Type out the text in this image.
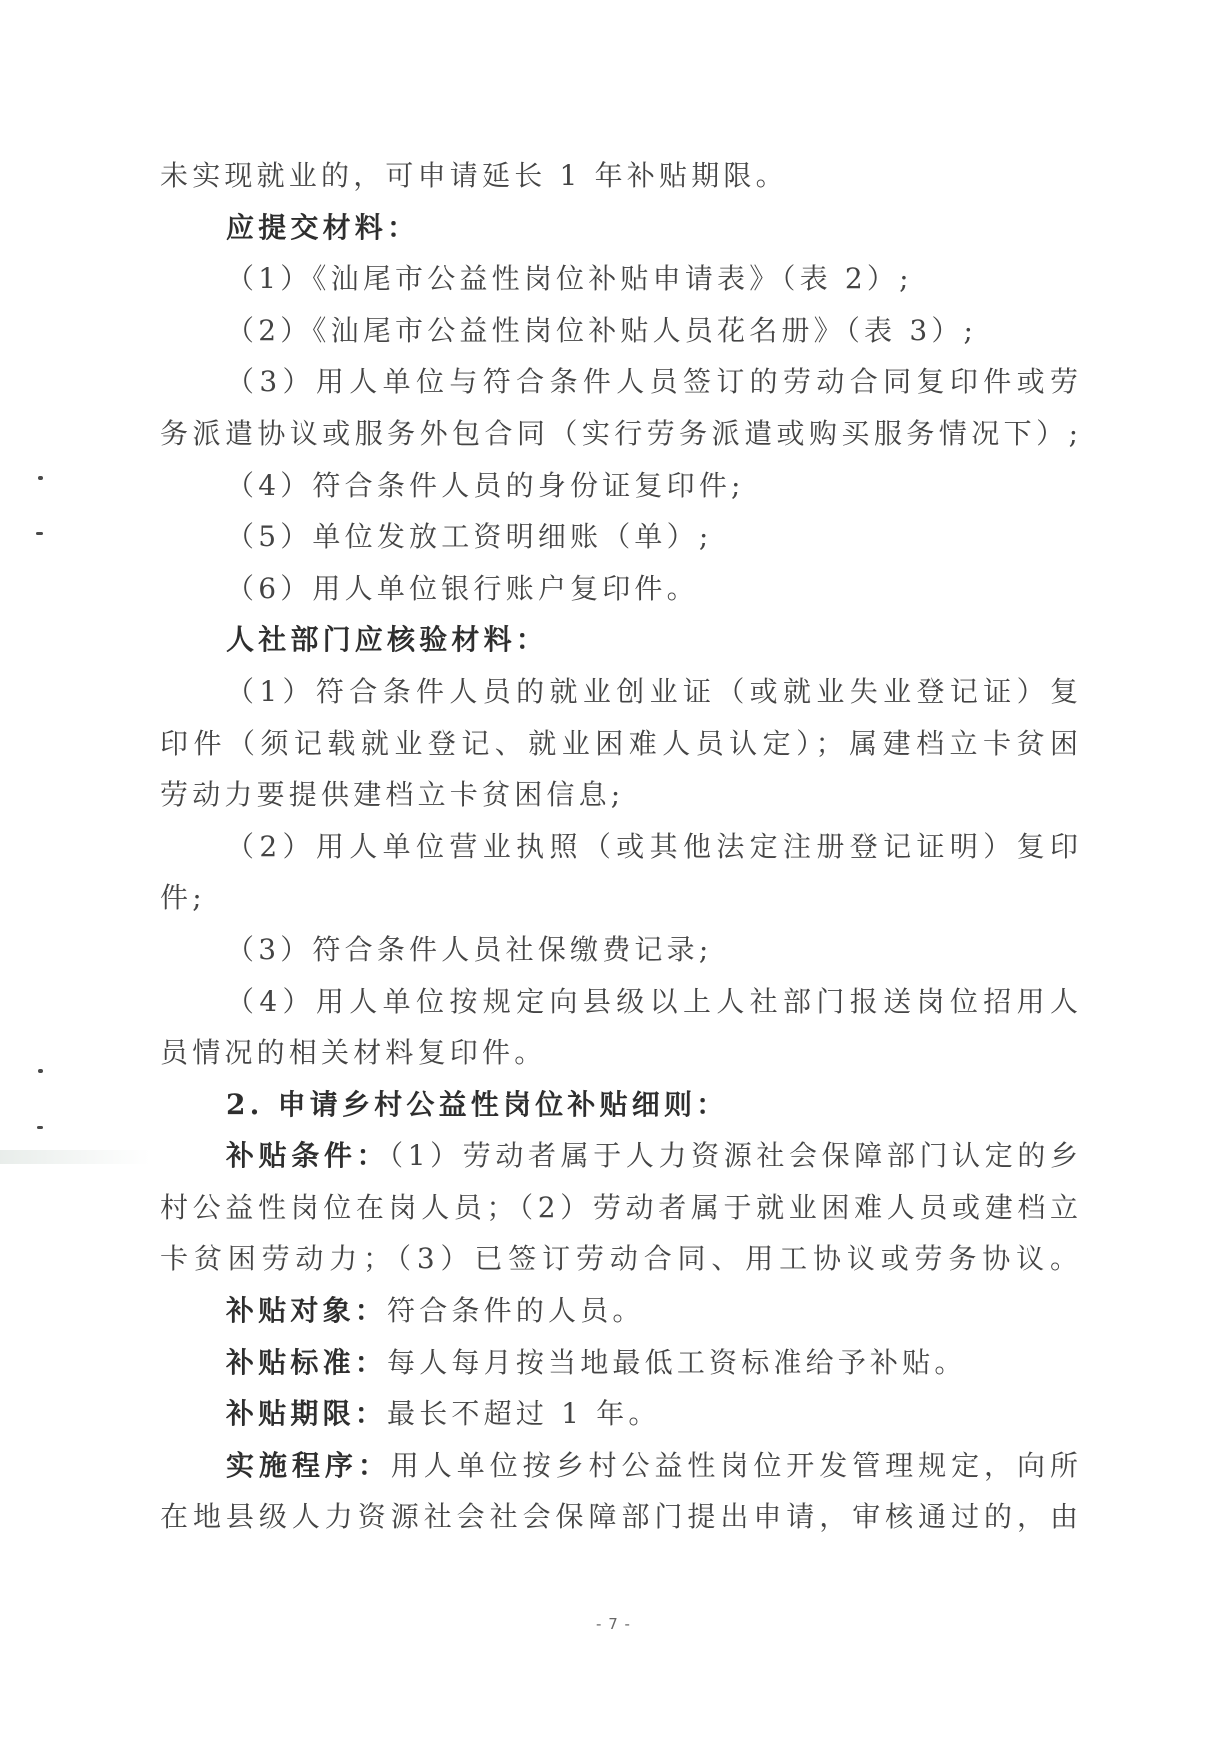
未实现就业的，可申请延长 1 年补贴期限。
应提交材料：
（1）《汕尾市公益性岗位补贴申请表》（表 2）;
（2）《汕尾市公益性岗位补贴人员花名册》（表 3）;
（3）用人单位与符合条件人员签订的劳动合同复印件或劳
务派遣协议或服务外包合同（实行劳务派遣或购买服务情况下）;
（4）符合条件人员的身份证复印件;
（5）单位发放工资明细账（单）;
（6）用人单位银行账户复印件。
人社部门应核验材料：
（1）符合条件人员的就业创业证（或就业失业登记证）复
印件（须记载就业登记、就业困难人员认定）；属建档立卡贫困
劳动力要提供建档立卡贫困信息;
（2）用人单位营业执照（或其他法定注册登记证明）复印
件;
（3）符合条件人员社保缴费记录;
（4）用人单位按规定向县级以上人社部门报送岗位招用人
员情况的相关材料复印件。
2. 申请乡村公益性岗位补贴细则：
补贴条件：（1）劳动者属于人力资源社会保障部门认定的乡
村公益性岗位在岗人员；（2）劳动者属于就业困难人员或建档立
卡贫困劳动力；（3）已签订劳动合同、用工协议或劳务协议。
补贴对象：符合条件的人员。
补贴标准：每人每月按当地最低工资标准给予补贴。
补贴期限：最长不超过 1 年。
实施程序：用人单位按乡村公益性岗位开发管理规定，向所
在地县级人力资源社会社会保障部门提出申请，审核通过的，由
- 7 -
